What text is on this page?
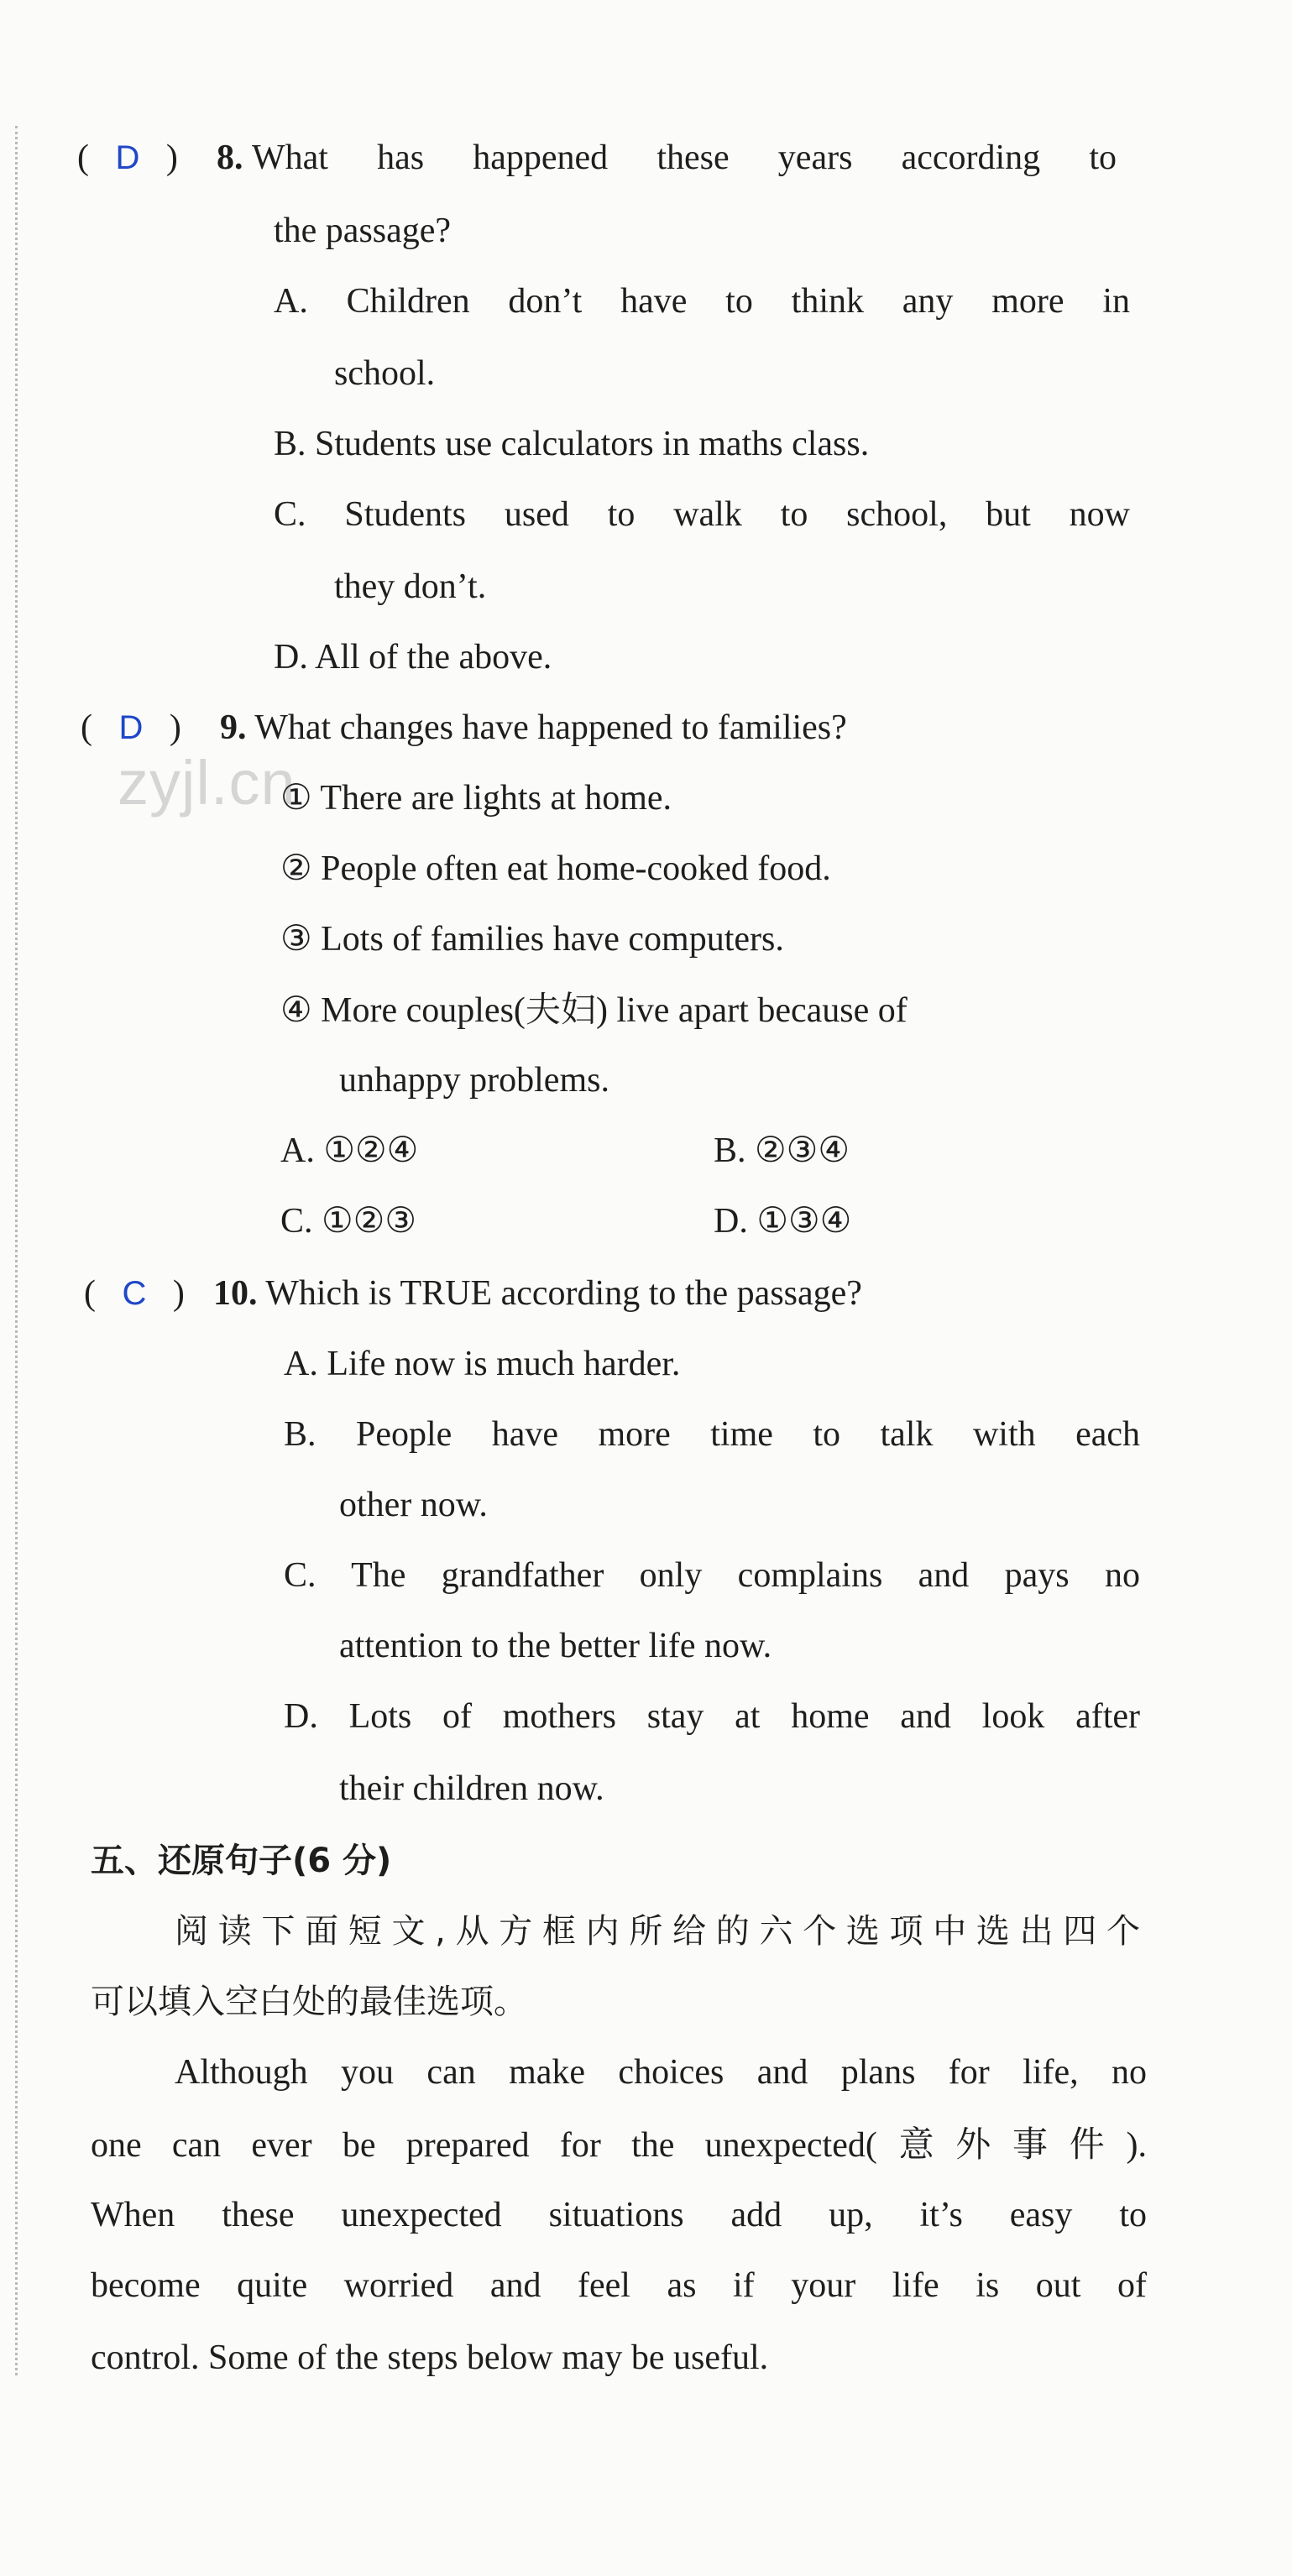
zyjl.cn
( D ) 8. What has happened these years according to
the passage?
A. Children don’t have to think any more in
school.
B. Students use calculators in maths class.
C. Students used to walk to school, but now
they don’t.
D. All of the above.
( D ) 9. What changes have happened to families?
① There are lights at home.
② People often eat home-cooked food.
③ Lots of families have computers.
④ More couples(夫妇) live apart because of
unhappy problems.
A. ①②④	B. ②③④
C. ①②③	D. ①③④
( C ) 10. Which is TRUE according to the passage?
A. Life now is much harder.
B. People have more time to talk with each
other now.
C. The grandfather only complains and pays no
attention to the better life now.
D. Lots of mothers stay at home and look after
their children now.
五、还原句子(6 分)
阅读下面短文,从方框内所给的六个选项中选出四个
可以填入空白处的最佳选项。
Although you can make choices and plans for life, no
one can ever be prepared for the unexpected(意外事件).
When these unexpected situations add up, it’s easy to
become quite worried and feel as if your life is out of
control. Some of the steps below may be useful.
